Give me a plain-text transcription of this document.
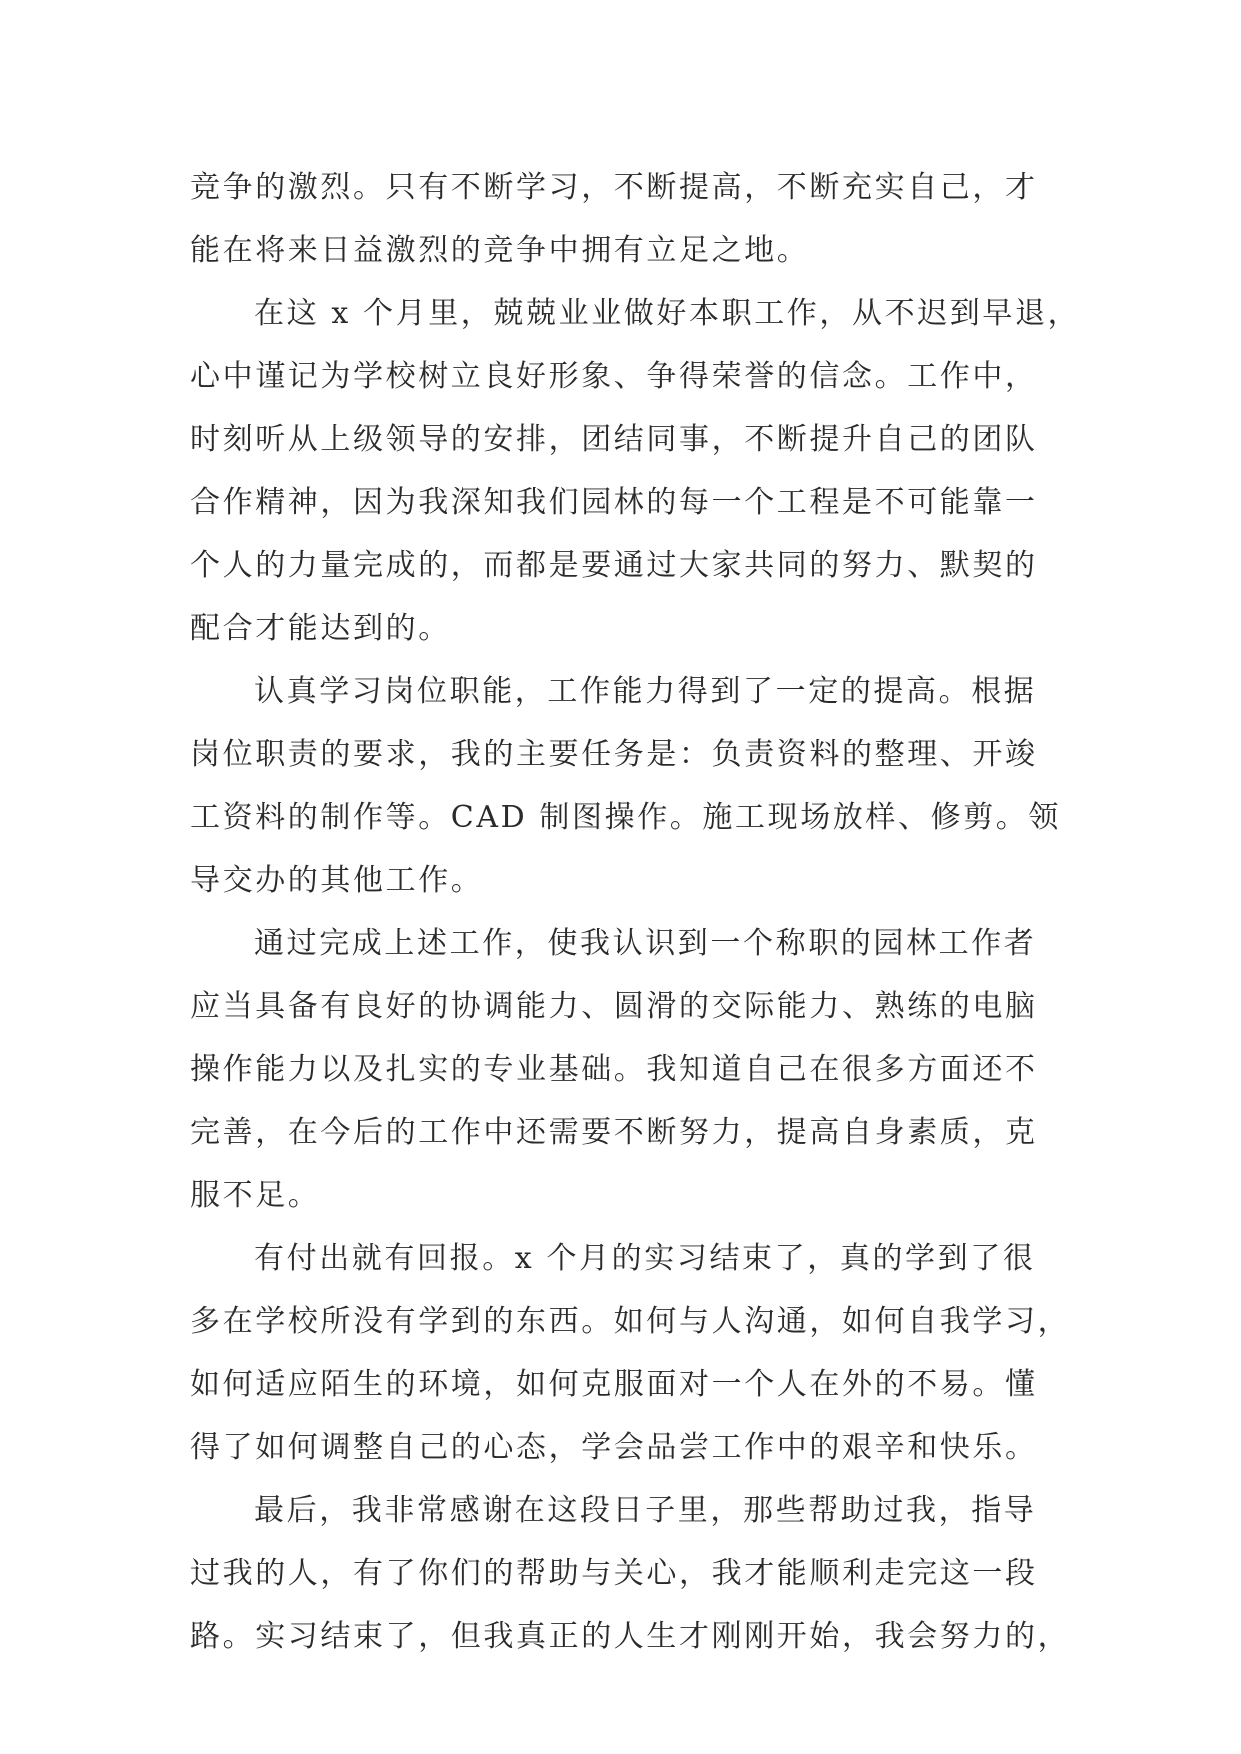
竞争的激烈。只有不断学习，不断提高，不断充实自己，才
能在将来日益激烈的竞争中拥有立足之地。
在这 x 个月里，兢兢业业做好本职工作，从不迟到早退，
心中谨记为学校树立良好形象、争得荣誉的信念。工作中，
时刻听从上级领导的安排，团结同事，不断提升自己的团队
合作精神，因为我深知我们园林的每一个工程是不可能靠一
个人的力量完成的，而都是要通过大家共同的努力、默契的
配合才能达到的。
认真学习岗位职能，工作能力得到了一定的提高。根据
岗位职责的要求，我的主要任务是：负责资料的整理、开竣
工资料的制作等。CAD 制图操作。施工现场放样、修剪。领
导交办的其他工作。
通过完成上述工作，使我认识到一个称职的园林工作者
应当具备有良好的协调能力、圆滑的交际能力、熟练的电脑
操作能力以及扎实的专业基础。我知道自己在很多方面还不
完善，在今后的工作中还需要不断努力，提高自身素质，克
服不足。
有付出就有回报。x 个月的实习结束了，真的学到了很
多在学校所没有学到的东西。如何与人沟通，如何自我学习，
如何适应陌生的环境，如何克服面对一个人在外的不易。懂
得了如何调整自己的心态，学会品尝工作中的艰辛和快乐。
最后，我非常感谢在这段日子里，那些帮助过我，指导
过我的人，有了你们的帮助与关心，我才能顺利走完这一段
路。实习结束了，但我真正的人生才刚刚开始，我会努力的，
